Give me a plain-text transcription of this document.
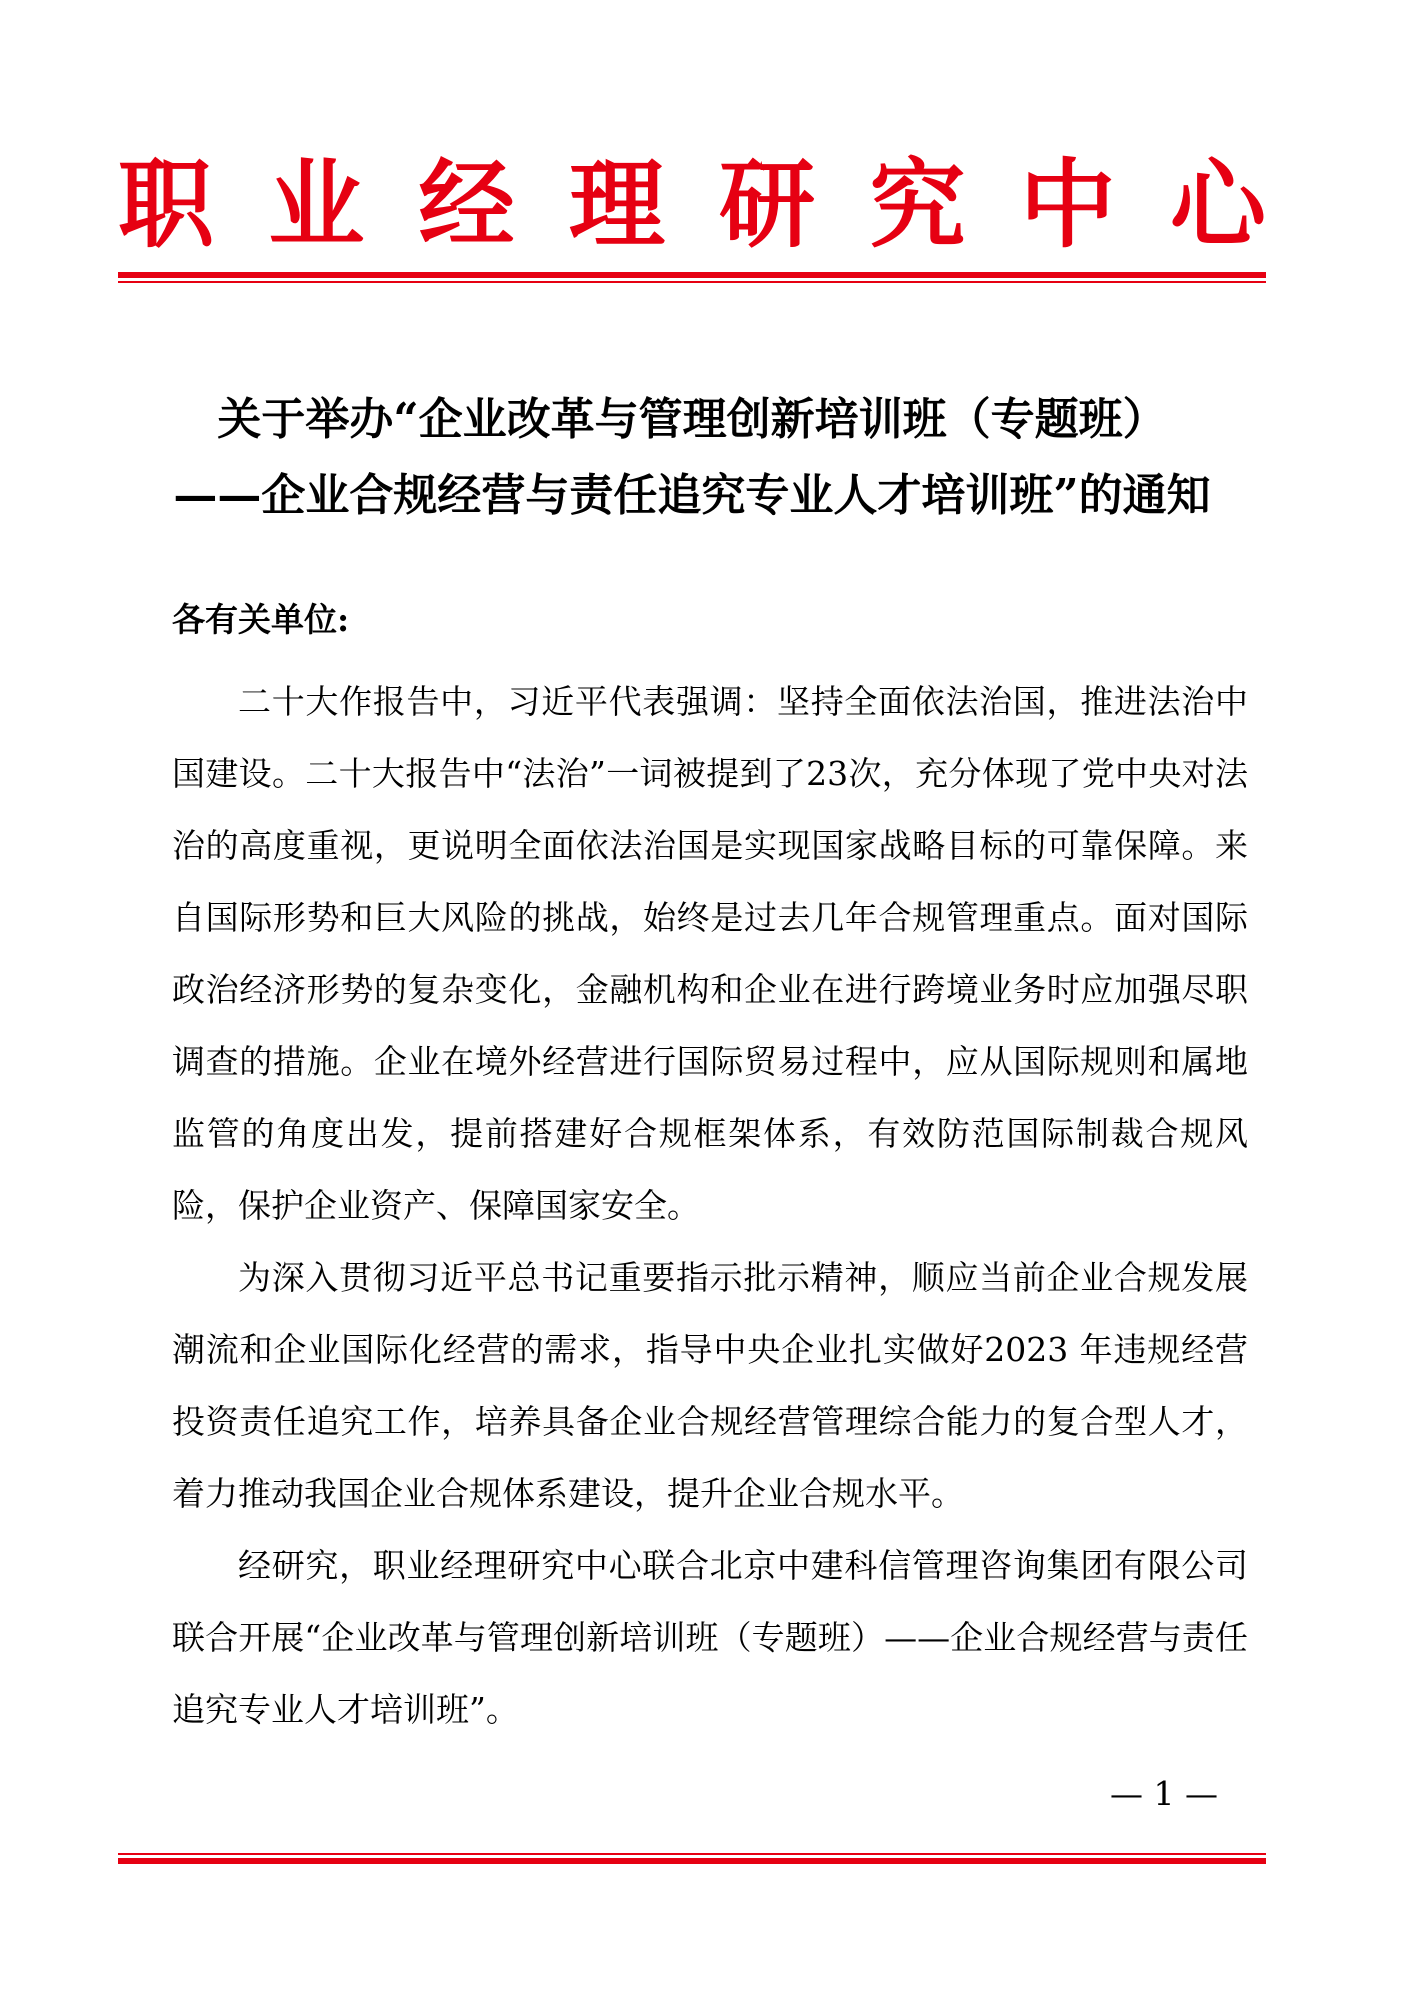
职 业 经 理 研 究 中 心
关于举办“企业改革与管理创新培训班（专题班）
——企业合规经营与责任追究专业人才培训班”的通知
各有关单位:

二十大作报告中，习近平代表强调：坚持全面依法治国，推进法治中国建设。二十大报告中“法治”一词被提到了23次，充分体现了党中央对法治的高度重视，更说明全面依法治国是实现国家战略目标的可靠保障。来自国际形势和巨大风险的挑战，始终是过去几年合规管理重点。面对国际政治经济形势的复杂变化，金融机构和企业在进行跨境业务时应加强尽职调查的措施。企业在境外经营进行国际贸易过程中，应从国际规则和属地监管的角度出发，提前搭建好合规框架体系，有效防范国际制裁合规风险，保护企业资产、保障国家安全。

为深入贯彻习近平总书记重要指示批示精神，顺应当前企业合规发展潮流和企业国际化经营的需求，指导中央企业扎实做好2023 年违规经营投资责任追究工作，培养具备企业合规经营管理综合能力的复合型人才，着力推动我国企业合规体系建设，提升企业合规水平。

经研究，职业经理研究中心联合北京中建科信管理咨询集团有限公司联合开展“企业改革与管理创新培训班（专题班）——企业合规经营与责任追究专业人才培训班”。

— 1 —
